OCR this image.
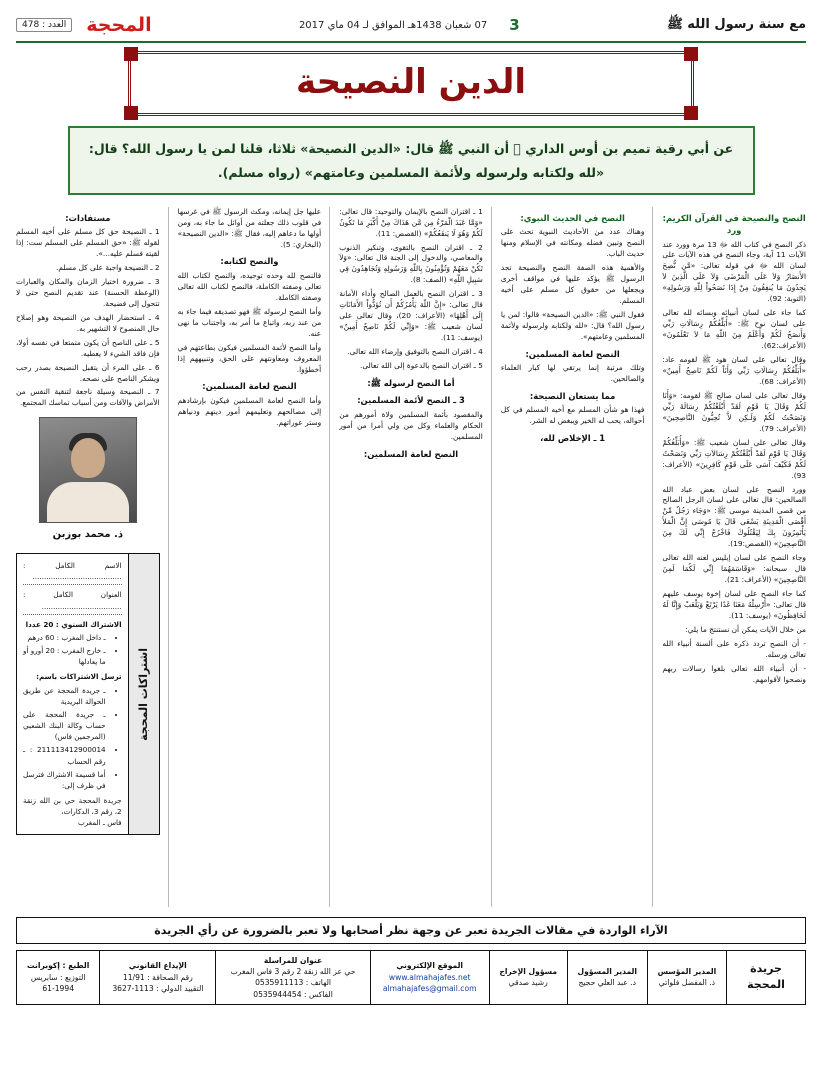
مع سنة رسول الله ﷺ
3
07 شعبان 1438هـ الموافق لـ 04 ماي 2017
المحجة
العدد : 478
الدين النصيحة
عن أبي رقية تميم بن أوس الداري ﷜ أن النبي ﷺ قال: «الدين النصيحة» ثلاثا، قلنا لمن يا رسول الله؟ قال: «لله ولكتابه ولرسوله ولأئمة المسلمين وعامتهم» (رواه مسلم).
النصح والنصيحة في القرآن الكريم: ورد

ذكر النصح في كتاب الله ﷻ 13 مرة وورد عند الآيات 11 آية، وجاء النصح في هذه الآيات على لسان الله ﷻ في قوله تعالى: «مَّن نُّصِحَ الأَنصَارُ وَلاَ عَلَى الْمَرْضَى وَلاَ عَلَى الَّذِينَ لاَ يَجِدُونَ مَا يُنفِقُونَ مِنْ إِذَا نَصَحُواْ لِلّهِ وَرَسُولِهِ» (التوبة: 92).

كما جاء على لسان أنبيائه وبسائه لله تعالى على لسان نوح ﷺ: «أُبَلِّغُكُمْ رِسَالَاتِ رَبِّي وَأَنصَحُ لَكُمْ وَأَعْلَمُ مِنَ اللّهِ مَا لاَ تَعْلَمُونَ» (الأعراف:62).

وقال تعالى على لسان هود ﷺ لقومه عاد: «أُبَلِّغُكُمْ رِسَالَاتِ رَبِّي وَأَنَاْ لَكُمْ نَاصِحٌ أَمِينٌ» (الأعراف: 68).

وقال تعالى على لسان صالح ﷺ لقومه: «وَأَنَا لَكُمْ وَقَالَ يَا قَوْمِ لَقَدْ أَبْلَغْتُكُمْ رِسَالَةَ رَبِّي وَنَصَحْتُ لَكُمْ وَلَـكِن لاَّ تُحِبُّونَ النَّاصِحِينَ» (الأعراف: 79).

وقال تعالى على لسان شعيب ﷺ: «وَأُبَلِّغُكُمْ وَقَالَ يَا قَوْمِ لَقَدْ أَبْلَغْتُكُمْ رِسَالاَتِ رَبِّي وَنَصَحْتُ لَكُمْ فَكَيْفَ آسَى عَلَى قَوْمٍ كَافِرِينَ» (الأعراف: 93).

وورد النصح على لسان بعض عباد الله الصالحين: قال تعالى على لسان الرجل الصالح من قصى المدينة موسى ﷺ: «وَجَاء رَجُلٌ مِّنْ أَقْصَى الْمَدِينَةِ يَسْعَى قَالَ يَا مُوسَى إِنَّ الْمَلأَ يَأْتَمِرُونَ بِكَ لِيَقْتُلُوكَ فَاخْرُجْ إِنِّي لَكَ مِنَ النَّاصِحِينَ» (القصص:19).

وجاء النصح على لسان إبليس لعنه الله تعالى قال سبحانه: «وَقَاسَمَهُمَا إِنِّي لَكُمَا لَمِنَ النَّاصِحِينَ» (الأعراف: 21).

كما جاء النصح على لسان إخوة يوسف عليهم قال تعالى: «أَرْسِلْهُ مَعَنَا غَدًا يَرْتَعْ وَيَلْعَبْ وَإِنَّا لَهُ لَحَافِظُونَ» (يوسف: 11).

من خلال الآيات يمكن أن نستنتج ما يلي:

- أن النصح تردد ذكره على ألسنة أنبياء الله تعالى ورسله.

- أن أنبياء الله تعالى بلغوا رسالات ربهم ونصحوا لأقوامهم.

النصح في الحديث النبوي:

وهناك عدد من الأحاديث النبوية تحث على النصح وتبين فضله ومكانته في الإسلام ومنها حديث الباب.

والأهمية هذه الصفة النصح والنصيحة تجد الرسول ﷺ يؤكد عليها في مواقف أخرى ويجعلها من حقوق كل مسلم على أخيه المسلم.

فقول النبي ﷺ: «الدين النصيحة» قالوا: لمن يا رسول الله؟ قال: «لله ولكتابه ولرسوله ولأئمة المسلمين وعامتهم».

النصح لعامة المسلمين:

وتلك مرتبة إنما يرتقي لها كبار العلماء والصالحين.

مما يستعان النصيحة:

فهذا هو شأن المسلم مع أخيه المسلم في كل أحواله، يحب له الخير ويبغض له الشر.

1 ـ الإخلاص لله،

1 ـ اقتران النصح بالإيمان والتوحيد: قال تعالى: «وَمَّا عَبَدَ الْمَرْءُ مِن مَّن هَدَاكَ مِنْ أَكْبَرِ مَا تَكُونُ لَكُمْ وَهُوَ لَا يَنفَعُكُمْ» (القصص: 11).

2 ـ اقتران النصح بالتقوى، وتنكير الذنوب والمعاصي، والدخول إلى الجنة قال تعالى: «وَلاَ تَكُنْ مَعَهُمْ وَتُؤْمِنُونَ بِاللّهِ وَرَسُولِهِ وَتُجَاهِدُونَ فِي سَبِيلِ اللّهِ» (الصف: 8).

3 ـ اقتران النصح بالعمل الصالح وأداء الأمانة قال تعالى: «إِنَّ اللّهَ يَأْمُرُكُمْ أَن تُؤدُّواْ الأَمَانَاتِ إِلَى أَهْلِهَا» (الأعراف: 20)، وقال تعالى على لسان شعيب ﷺ: «وَإِنِّي لَكُمْ نَاصِحٌ أَمِينٌ» (يوسف: 11).

4 ـ اقتران النصح بالتوفيق وإرضاء الله تعالى.

5 ـ اقتران النصح بالدعوة إلى الله تعالى.

أما النصح لرسوله ﷺ:
3 ـ النصح لأئمة المسلمين:

والمقصود بأئمة المسلمين ولاة أمورهم من الحكام والعلماء وكل من ولي أمرا من أمور المسلمين.

النصح لعامة المسلمين:

عليها جل إيمانه، ومكث الرسول ﷺ في غرسها في قلوب ذلك جعلته من أوائل ما جاء به، ومن أولها ما دعاهم إليه، فقال ﷺ: «الدين النصيحة» (البخاري: 5).

والنصح لكتابه:

فالنصح لله وحده توحيده، والنصح لكتاب الله تعالى وصفته الكاملة، فالنصح لكتاب الله تعالى وصفته الكاملة.

وأما النصح لرسوله ﷺ فهو تصديقه فيما جاء به من عند ربه، واتباع ما أمر به، واجتناب ما نهى عنه.

وأما النصح لأئمة المسلمين فيكون بطاعتهم في المعروف ومعاونتهم على الحق، وتنبيههم إذا أخطؤوا.

النصح لعامة المسلمين:

وأما النصح لعامة المسلمين فيكون بإرشادهم إلى مصالحهم وتعليمهم أمور دينهم ودنياهم وستر عوراتهم.

مستفادات:

1 ـ النصيحة حق كل مسلم على أخيه المسلم لقوله ﷺ: «حق المسلم على المسلم ست: إذا لقيته فسلم عليه...».

2 ـ النصيحة واجبة على كل مسلم.

3 ـ ضرورة اختيار الزمان والمكان والعبارات (الوعظة الحسنة) عند تقديم النصح حتى لا تتحول إلى فضيحة.

4 ـ استحضار الهدف من النصيحة وهو إصلاح حال المنصوح لا التشهير به.

5 ـ على الناصح أن يكون متمتعا في نفسه أولا، فإن فاقد الشيء لا يعطيه.

6 ـ على المرء أن يتقبل النصيحة بصدر رحب ويشكر الناصح على نصحه.

7 ـ النصيحة وسيلة ناجعة لتنقية النفس من الأمراض والآفات ومن أسباب تماسك المجتمع.

ذ. محمد بوزبن
اشتراكات المحجة
الاسم الكامل : .......................................
العنوان الكامل : ...................................
الاشتراك السنوي : 20 عددا
• ـ داخل المغرب : 60 درهم
• ـ خارج المغرب : 20 أورو أو ما يعادلها
ترسل الاشتراكات باسم:
• ـ جريدة المحجة عن طريق الحوالة البريدية
• ـ جريدة المحجة على حساب وكالة البنك الشعبي (المرجمين فاس)
• 211113412900014 : ـ رقم الحساب
• أما قسيمة الاشتراك فترسل في ظرف إلى:
جريدة المحجة حي بن الله زنقة 2، رقم 3، الدكارات،
فاس ـ المغرب
الآراء الواردة في مقالات الجريدة تعبر عن وجهة نظر أصحابها ولا تعبر بالضرورة عن رأي الجريدة
جريدة المحجة	
المدير المؤسس
ذ. المفضل فلواتي

المدير المسؤول
د. عبد العلي حجيج

مسؤول الإخراج
رشيد صدقي

الموقع الإلكتروني
www.almahajafes.net
almahajafes@gmail.com

عنوان للمراسلة
حي عز الله زنقة 2 رقم 3 فاس المغرب
الهاتف : 0535911113
الفاكس : 0535944454

الإيداع القانوني
رقم الصحافة : 11/91
التقييد الدولي : 1113-3627

الطبع : إكوبرانت
التوزيع : سابريس
61-1994
